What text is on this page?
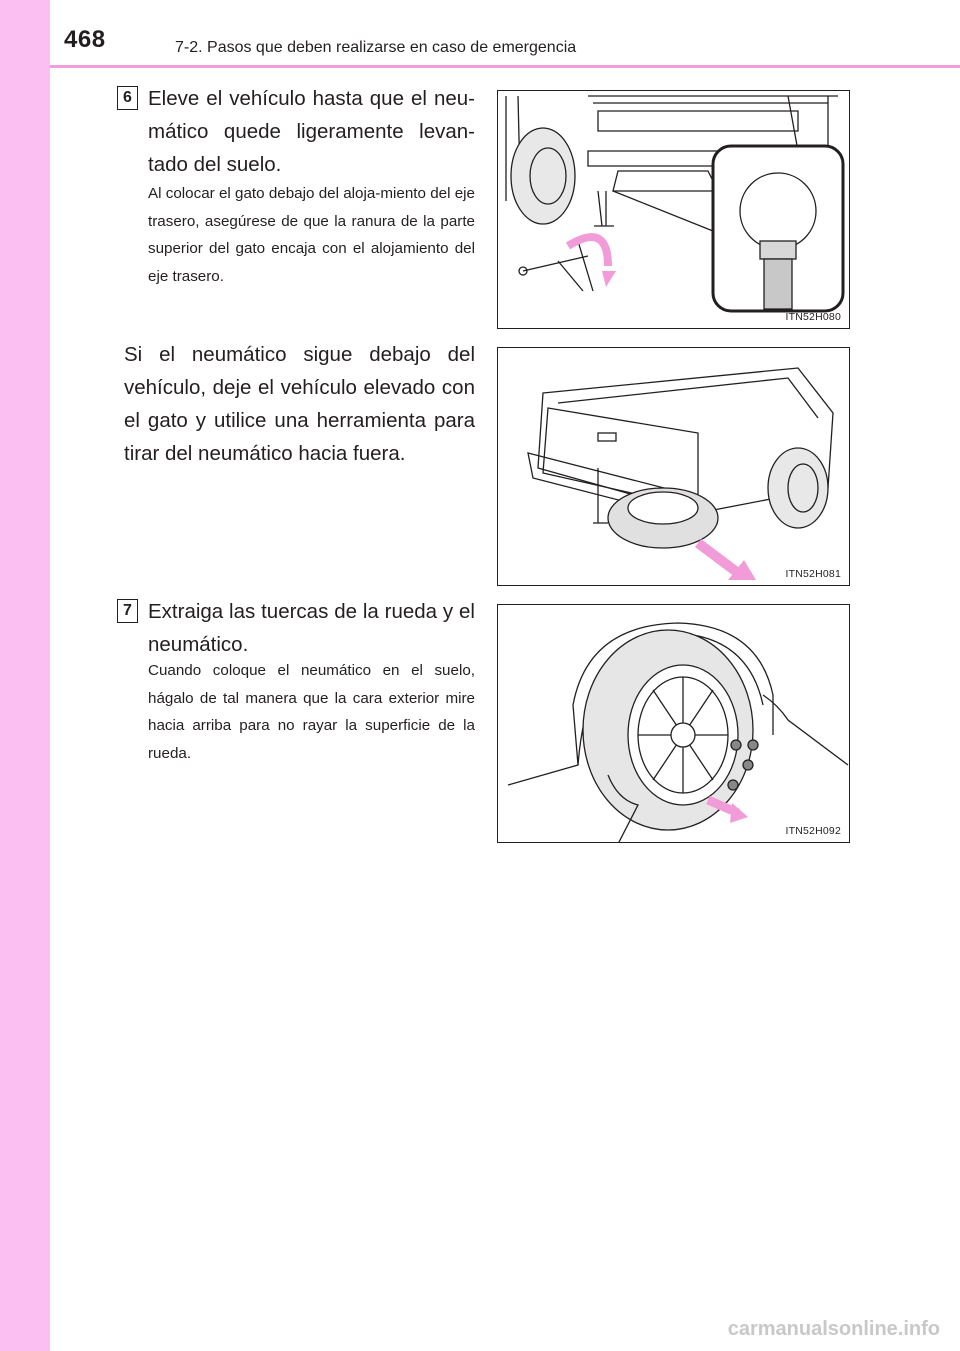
468	7-2. Pasos que deben realizarse en caso de emergencia
6 Eleve el vehículo hasta que el neu-mático quede ligeramente levan-tado del suelo.
Al colocar el gato debajo del aloja-miento del eje trasero, asegúrese de que la ranura de la parte superior del gato encaja con el alojamiento del eje trasero.
Si el neumático sigue debajo del vehículo, deje el vehículo elevado con el gato y utilice una herramienta para tirar del neumático hacia fuera.
7 Extraiga las tuercas de la rueda y el neumático.
Cuando coloque el neumático en el suelo, hágalo de tal manera que la cara exterior mire hacia arriba para no rayar la superficie de la rueda.
ITN52H080
ITN52H081
ITN52H092
carmanualsonline.info
